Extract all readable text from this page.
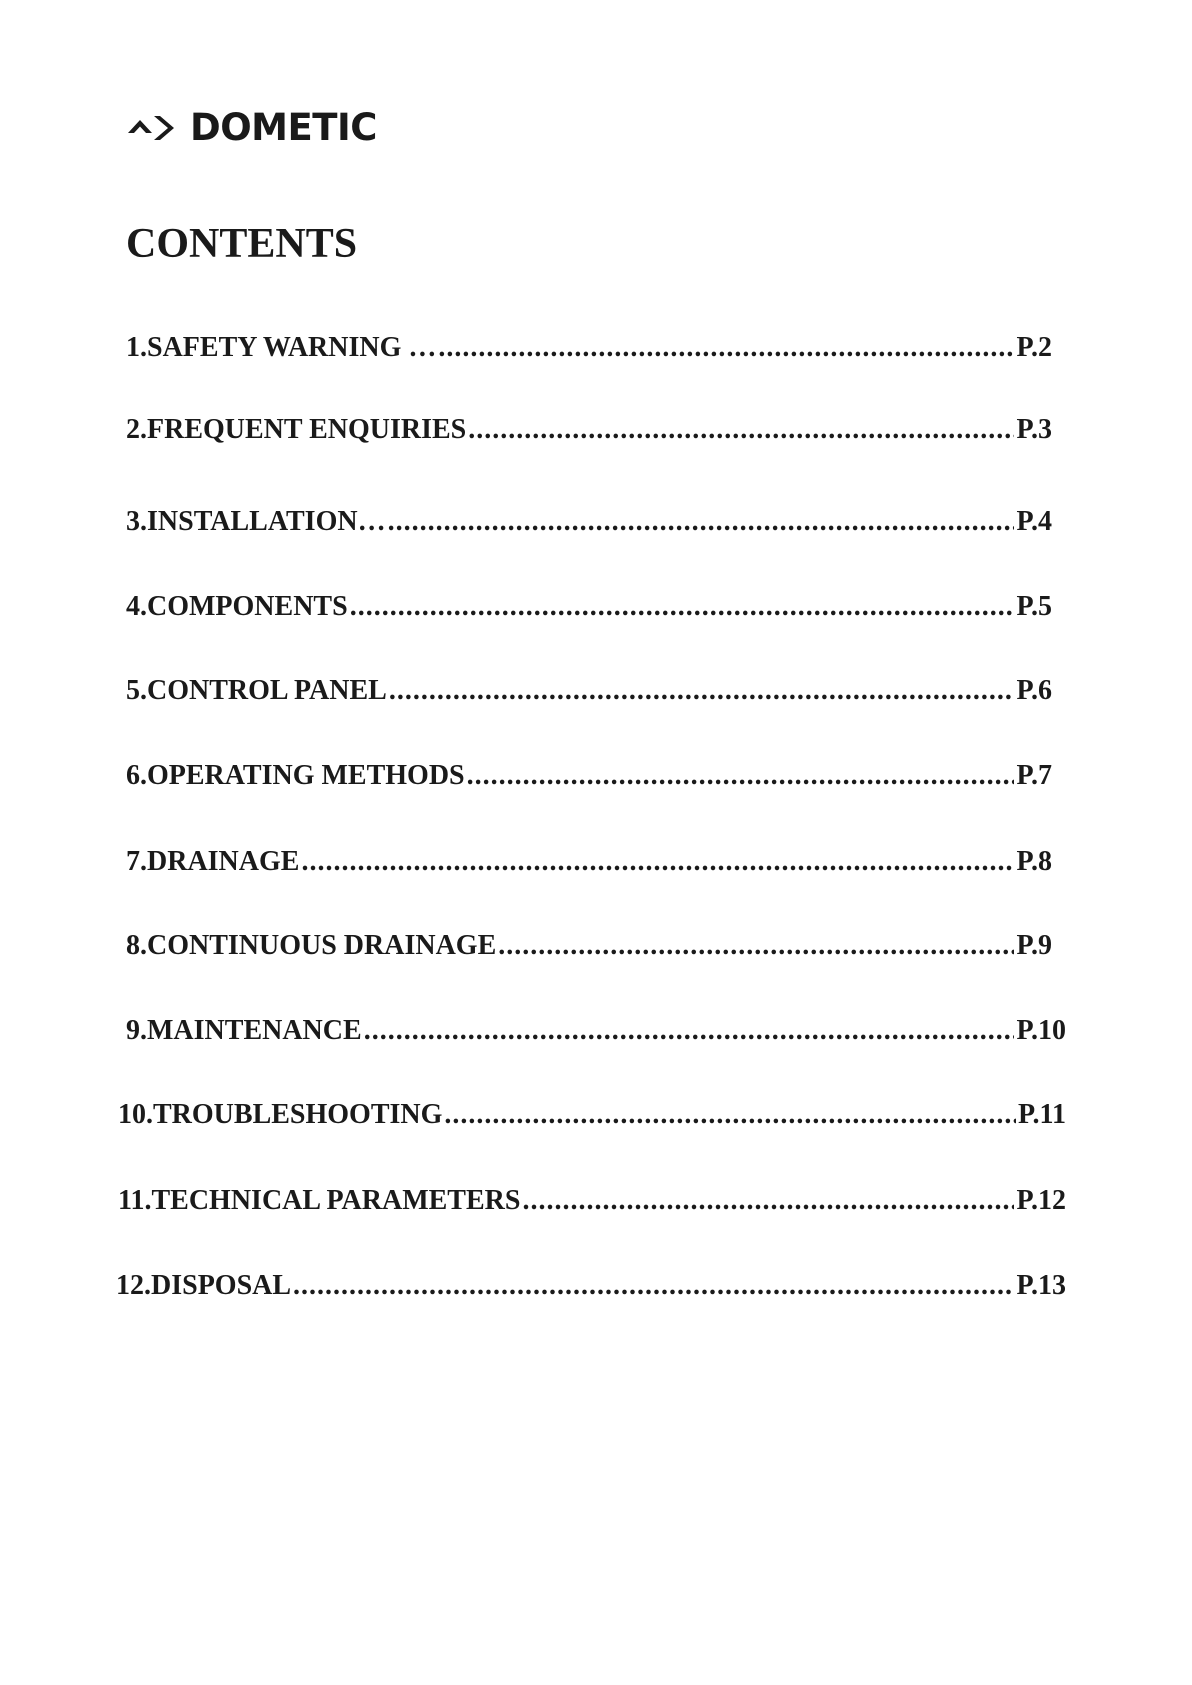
DOMETIC
CONTENTS
1. SAFETY WARNING … .....	P.2
2. FREQUENT ENQUIRIES .....	P.3
3. INSTALLATION… .....	P.4
4. COMPONENTS .....	P.5
5. CONTROL PANEL .....	P.6
6. OPERATING METHODS .....	P.7
7. DRAINAGE .....	P.8
8. CONTINUOUS DRAINAGE .....	P.9
9. MAINTENANCE .....	P.10
10. TROUBLESHOOTING .....	P.11
11. TECHNICAL PARAMETERS .....	P.12
12. DISPOSAL .....	P.13
